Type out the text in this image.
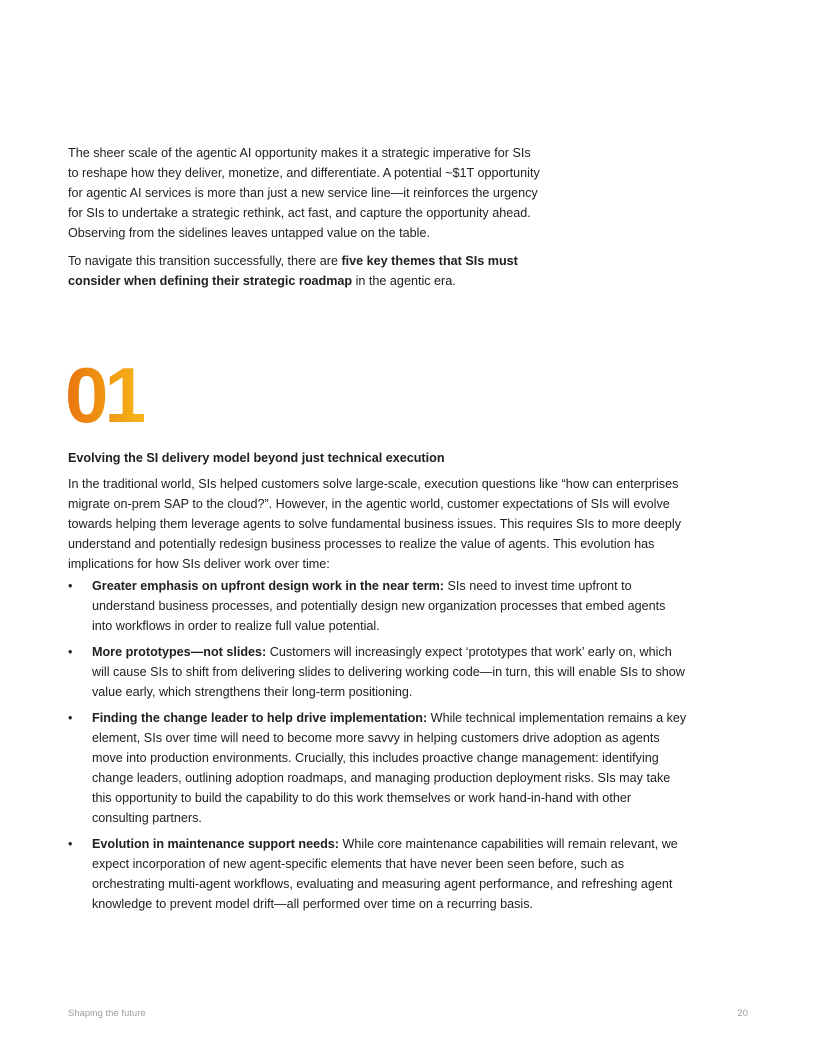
The sheer scale of the agentic AI opportunity makes it a strategic imperative for SIs to reshape how they deliver, monetize, and differentiate. A potential ~$1T opportunity for agentic AI services is more than just a new service line—it reinforces the urgency for SIs to undertake a strategic rethink, act fast, and capture the opportunity ahead. Observing from the sidelines leaves untapped value on the table.

To navigate this transition successfully, there are five key themes that SIs must consider when defining their strategic roadmap in the agentic era.

01
Evolving the SI delivery model beyond just technical execution

In the traditional world, SIs helped customers solve large-scale, execution questions like “how can enterprises migrate on-prem SAP to the cloud?”. However, in the agentic world, customer expectations of SIs will evolve towards helping them leverage agents to solve fundamental business issues. This requires SIs to more deeply understand and potentially redesign business processes to realize the value of agents. This evolution has implications for how SIs deliver work over time:

•	Greater emphasis on upfront design work in the near term: SIs need to invest time upfront to understand business processes, and potentially design new organization processes that embed agents into workflows in order to realize full value potential.
•	More prototypes—not slides: Customers will increasingly expect ‘prototypes that work’ early on, which will cause SIs to shift from delivering slides to delivering working code—in turn, this will enable SIs to show value early, which strengthens their long-term positioning.
•	Finding the change leader to help drive implementation: While technical implementation remains a key element, SIs over time will need to become more savvy in helping customers drive adoption as agents move into production environments. Crucially, this includes proactive change management: identifying change leaders, outlining adoption roadmaps, and managing production deployment risks. SIs may take this opportunity to build the capability to do this work themselves or work hand-in-hand with other consulting partners.
•	Evolution in maintenance support needs: While core maintenance capabilities will remain relevant, we expect incorporation of new agent-specific elements that have never been seen before, such as orchestrating multi-agent workflows, evaluating and measuring agent performance, and refreshing agent knowledge to prevent model drift—all performed over time on a recurring basis.
Shaping the future	20
